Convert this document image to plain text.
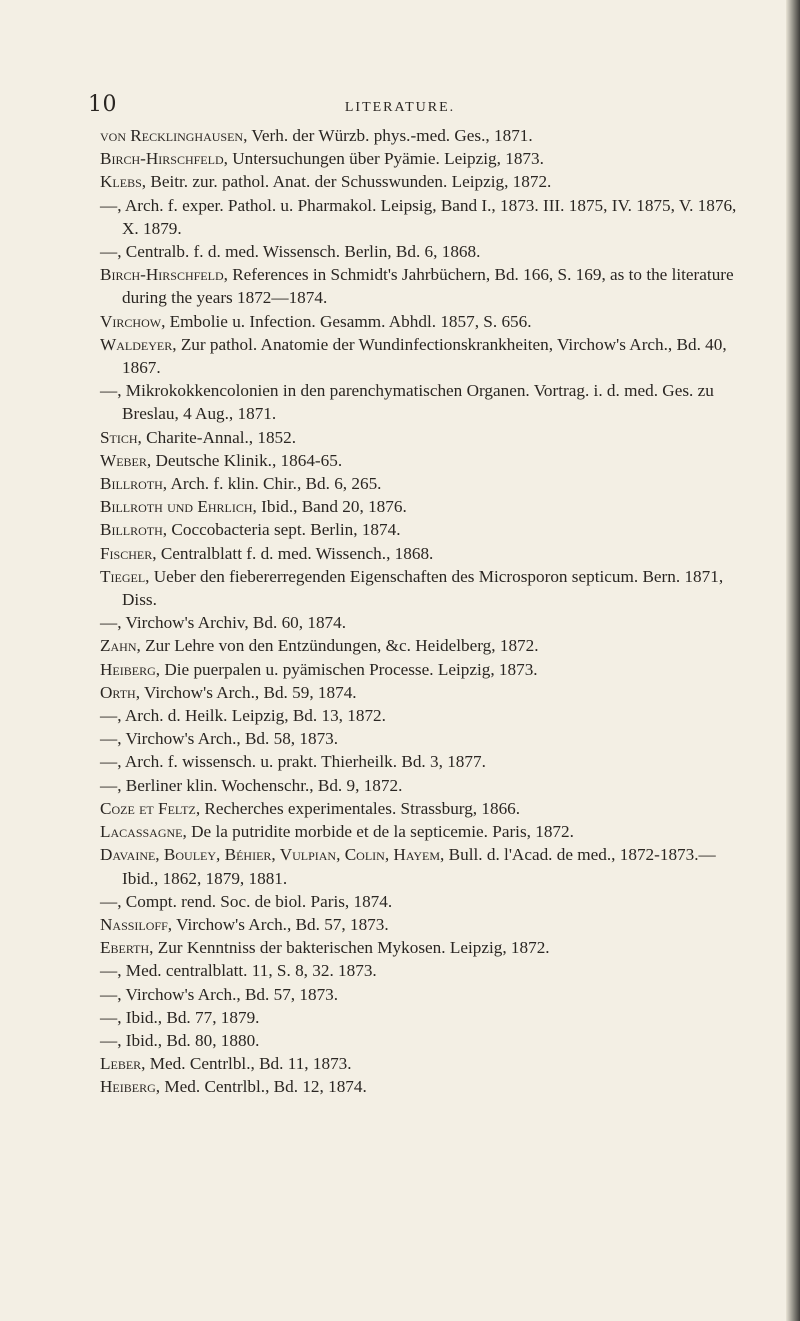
10	LITERATURE.

von Recklinghausen, Verh. der Würzb. phys.-med. Ges., 1871.

Birch-Hirschfeld, Untersuchungen über Pyämie. Leipzig, 1873.

Klebs, Beitr. zur. pathol. Anat. der Schusswunden. Leipzig, 1872.

—, Arch. f. exper. Pathol. u. Pharmakol. Leipsig, Band I., 1873. III. 1875, IV. 1875, V. 1876, X. 1879.

—, Centralb. f. d. med. Wissensch. Berlin, Bd. 6, 1868.

Birch-Hirschfeld, References in Schmidt's Jahrbüchern, Bd. 166, S. 169, as to the literature during the years 1872—1874.

Virchow, Embolie u. Infection. Gesamm. Abhdl. 1857, S. 656.

Waldeyer, Zur pathol. Anatomie der Wundinfectionskrankheiten, Virchow's Arch., Bd. 40, 1867.

—, Mikrokokkencolonien in den parenchymatischen Organen. Vortrag. i. d. med. Ges. zu Breslau, 4 Aug., 1871.

Stich, Charite-Annal., 1852.

Weber, Deutsche Klinik., 1864-65.

Billroth, Arch. f. klin. Chir., Bd. 6, 265.

Billroth und Ehrlich, Ibid., Band 20, 1876.

Billroth, Coccobacteria sept. Berlin, 1874.

Fischer, Centralblatt f. d. med. Wissench., 1868.

Tiegel, Ueber den fiebererregenden Eigenschaften des Microsporon septicum. Bern. 1871, Diss.

—, Virchow's Archiv, Bd. 60, 1874.

Zahn, Zur Lehre von den Entzündungen, &c. Heidelberg, 1872.

Heiberg, Die puerpalen u. pyämischen Processe. Leipzig, 1873.

Orth, Virchow's Arch., Bd. 59, 1874.

—, Arch. d. Heilk. Leipzig, Bd. 13, 1872.

—, Virchow's Arch., Bd. 58, 1873.

—, Arch. f. wissensch. u. prakt. Thierheilk. Bd. 3, 1877.

—, Berliner klin. Wochenschr., Bd. 9, 1872.

Coze et Feltz, Recherches experimentales. Strassburg, 1866.

Lacassagne, De la putridite morbide et de la septicemie. Paris, 1872.

Davaine, Bouley, Béhier, Vulpian, Colin, Hayem, Bull. d. l'Acad. de med., 1872-1873.—Ibid., 1862, 1879, 1881.

—, Compt. rend. Soc. de biol. Paris, 1874.

Nassiloff, Virchow's Arch., Bd. 57, 1873.

Eberth, Zur Kenntniss der bakterischen Mykosen. Leipzig, 1872.

—, Med. centralblatt. 11, S. 8, 32. 1873.

—, Virchow's Arch., Bd. 57, 1873.

—, Ibid., Bd. 77, 1879.

—, Ibid., Bd. 80, 1880.

Leber, Med. Centrlbl., Bd. 11, 1873.

Heiberg, Med. Centrlbl., Bd. 12, 1874.
